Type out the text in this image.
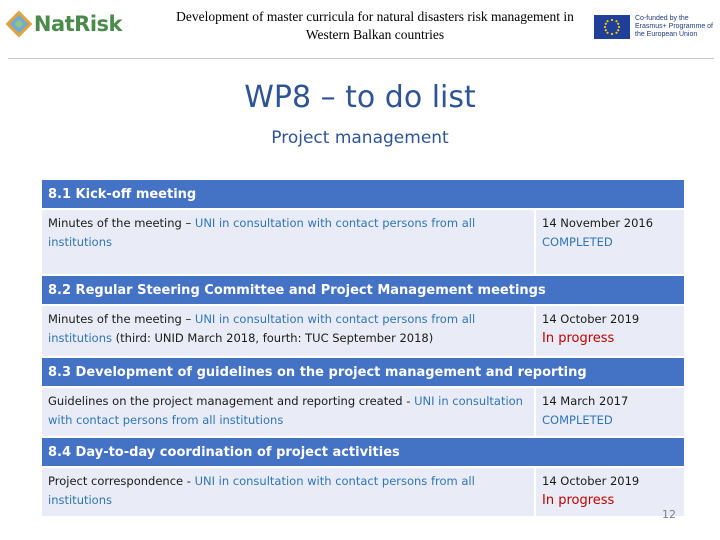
NatRisk	Development of master curricula for natural disasters risk management in
Western Balkan countries
Co-funded by the Erasmus+ Programme of the European Union
WP8 – to do list
Project management
8.1 Kick-off meeting
Minutes of the meeting – UNI in consultation with contact persons from all institutions
14 November 2016
COMPLETED
8.2 Regular Steering Committee and Project Management meetings
Minutes of the meeting – UNI in consultation with contact persons from all institutions (third: UNID March 2018, fourth: TUC September 2018)
14 October 2019
In progress
8.3 Development of guidelines on the project management and reporting
Guidelines on the project management and reporting created - UNI in consultation with contact persons from all institutions
14 March 2017
COMPLETED
8.4 Day-to-day coordination of project activities
Project correspondence - UNI in consultation with contact persons from all institutions
14 October 2019
In progress
12
